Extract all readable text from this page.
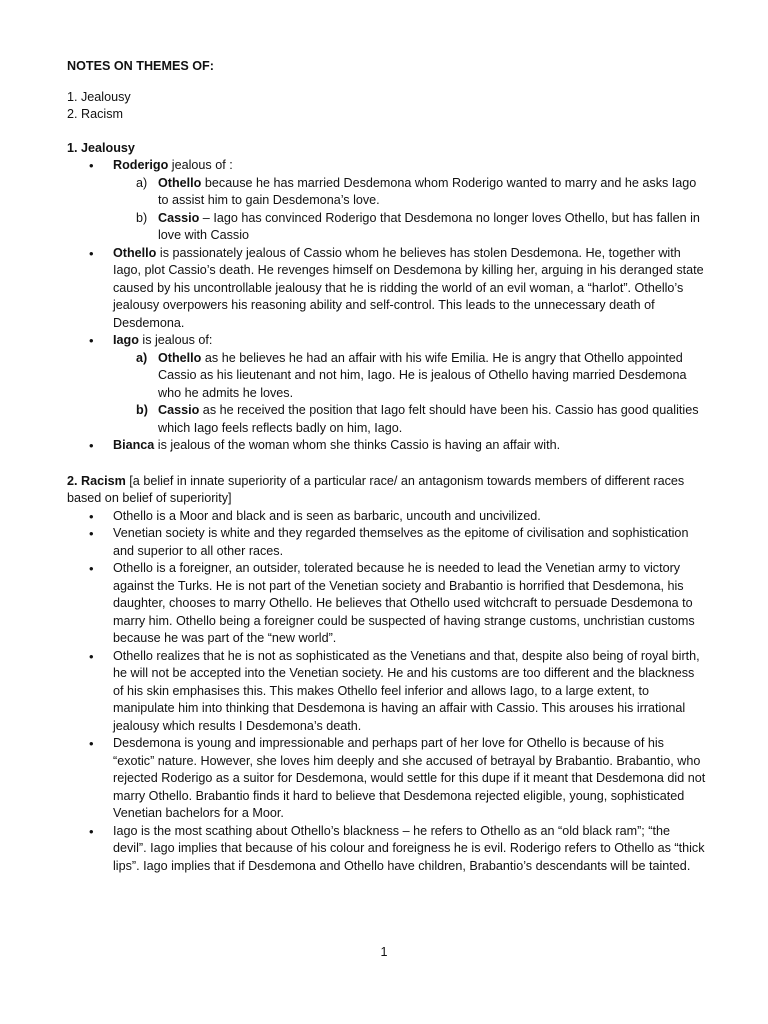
NOTES ON THEMES OF:

1. Jealousy

2. Racism

1. Jealousy

• Roderigo jealous of :
a) Othello because he has married Desdemona whom Roderigo wanted to marry and he asks Iago to assist him to gain Desdemona’s love.
b) Cassio – Iago has convinced Roderigo that Desdemona no longer loves Othello, but has fallen in love with Cassio
• Othello is passionately jealous of Cassio whom he believes has stolen Desdemona. He, together with Iago, plot Cassio’s death. He revenges himself on Desdemona by killing her, arguing in his deranged state caused by his uncontrollable jealousy that he is ridding the world of an evil woman, a “harlot”. Othello’s jealousy overpowers his reasoning ability and self-control. This leads to the unnecessary death of Desdemona.
• Iago is jealous of:
a) Othello as he believes he had an affair with his wife Emilia. He is angry that Othello appointed Cassio as his lieutenant and not him, Iago. He is jealous of Othello having married Desdemona who he admits he loves.
b) Cassio as he received the position that Iago felt should have been his. Cassio has good qualities which Iago feels reflects badly on him, Iago.
• Bianca is jealous of the woman whom she thinks Cassio is having an affair with.

2. Racism [a belief in innate superiority of a particular race/ an antagonism towards members of different races based on belief of superiority]

• Othello is a Moor and black and is seen as barbaric, uncouth and uncivilized.
• Venetian society is white and they regarded themselves as the epitome of civilisation and sophistication and superior to all other races.
• Othello is a foreigner, an outsider, tolerated because he is needed to lead the Venetian army to victory against the Turks. He is not part of the Venetian society and Brabantio is horrified that Desdemona, his daughter, chooses to marry Othello. He believes that Othello used witchcraft to persuade Desdemona to marry him. Othello being a foreigner could be suspected of having strange customs, unchristian customs because he was part of the “new world”.
• Othello realizes that he is not as sophisticated as the Venetians and that, despite also being of royal birth, he will not be accepted into the Venetian society. He and his customs are too different and the blackness of his skin emphasises this. This makes Othello feel inferior and allows Iago, to a large extent, to manipulate him into thinking that Desdemona is having an affair with Cassio. This arouses his irrational jealousy which results I Desdemona’s death.
• Desdemona is young and impressionable and perhaps part of her love for Othello is because of his “exotic” nature. However, she loves him deeply and she accused of betrayal by Brabantio. Brabantio, who rejected Roderigo as a suitor for Desdemona, would settle for this dupe if it meant that Desdemona did not marry Othello. Brabantio finds it hard to believe that Desdemona rejected eligible, young, sophisticated Venetian bachelors for a Moor.
• Iago is the most scathing about Othello’s blackness – he refers to Othello as an “old black ram”; “the devil”. Iago implies that because of his colour and foreigness he is evil. Roderigo refers to Othello as “thick lips”. Iago implies that if Desdemona and Othello have children, Brabantio’s descendants will be tainted.
1
